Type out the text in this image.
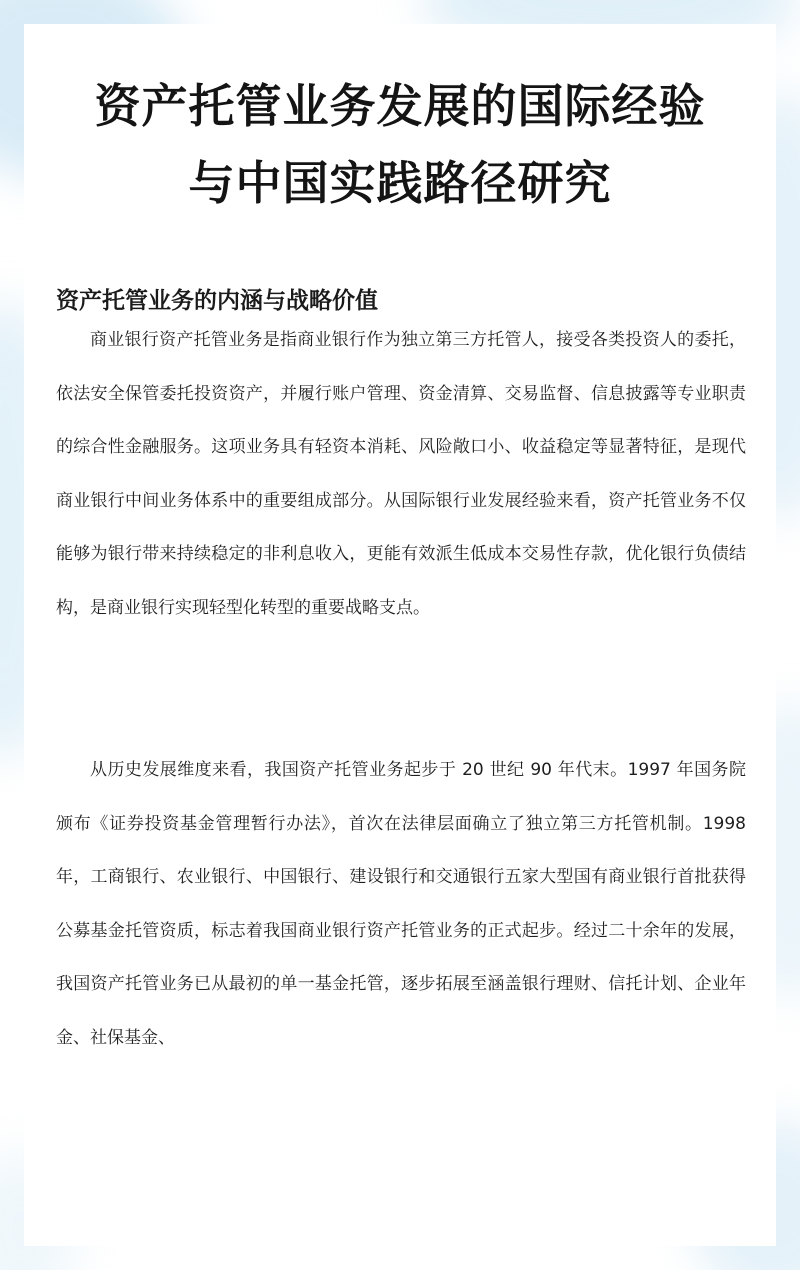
资产托管业务发展的国际经验
与中国实践路径研究
资产托管业务的内涵与战略价值

商业银行资产托管业务是指商业银行作为独立第三方托管人，接受各类投资人的委托，依法安全保管委托投资资产，并履行账户管理、资金清算、交易监督、信息披露等专业职责的综合性金融服务。这项业务具有轻资本消耗、风险敞口小、收益稳定等显著特征，是现代商业银行中间业务体系中的重要组成部分。从国际银行业发展经验来看，资产托管业务不仅能够为银行带来持续稳定的非利息收入，更能有效派生低成本交易性存款，优化银行负债结构，是商业银行实现轻型化转型的重要战略支点。

从历史发展维度来看，我国资产托管业务起步于 20 世纪 90 年代末。1997 年国务院颁布《证券投资基金管理暂行办法》，首次在法律层面确立了独立第三方托管机制。1998 年，工商银行、农业银行、中国银行、建设银行和交通银行五家大型国有商业银行首批获得公募基金托管资质，标志着我国商业银行资产托管业务的正式起步。经过二十余年的发展，我国资产托管业务已从最初的单一基金托管，逐步拓展至涵盖银行理财、信托计划、企业年金、社保基金、
